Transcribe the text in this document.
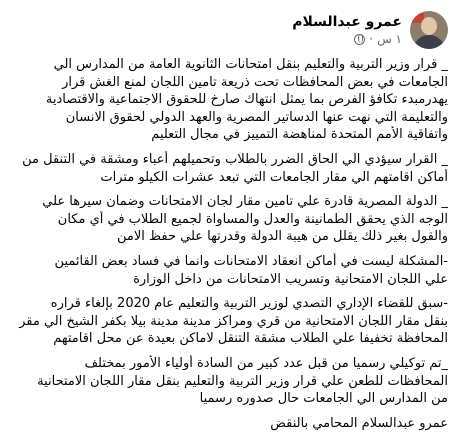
عمرو عبدالسلام
١ س
·
_ قرار وزير التربية والتعليم بنقل امتحانات الثانوية العامة من المدارس الي
الجامعات في بعض المحافظات تحت ذريعة تامين اللجان لمنع الغش قرار
يهدرمبدء تكافؤ الفرص بما يمثل انتهاك صارخ للحقوق الاجتماعية والاقتصادية
والتعليمة التي نهت عنها الدساتير المصرية والعهد الدولي لحقوق الانسان
واتفاقية الأمم المتحدة لمناهضة التمييز في مجال التعليم
_ القرار سيؤدي الي الحاق الضرر بالطلاب وتحميلهم أعباء ومشقة في التنقل من
أماكن اقامتهم الي مقار الجامعات التي تبعد عشرات الكيلو مترات
_ الدولة المصرية قادرة علي تامين مقار لجان الامتحانات وضمان سيرها علي
الوجه الذي يحقق الطمانينة والعدل والمساواة لجميع الطلاب في أي مكان
والقول بغير ذلك يقلل من هيبة الدولة وقدرتها علي حفظ الامن
-المشكلة ليست في أماكن انعقاد الامتحانات وانما في فساد بعض القائمين
علي اللجان الامتحانية وتسريب الامتحانات من داخل الوزارة
-سبق للقضاء الإداري التصدي لوزير التربية والتعليم عام 2020 بإلغاء قراره
بنقل مقار اللجان الامتحانية من قري ومراكز مدينة مدينة بيلا بكفر الشيخ الي مقر
المحافظة تخفيفا علي الطلاب مشقة التنقل لاماكن بعيدة عن محل اقامتهم
_تم توكيلي رسميا من قبل عدد كبير من السادة أولياء الأمور بمختلف
المحافظات للطعن علي قرار وزير التربية والتعليم بنقل مقار اللجان الامتحانية
من المدارس الي الجامعات حال صدوره رسميا
عمرو عبدالسلام المحامي بالنقض
